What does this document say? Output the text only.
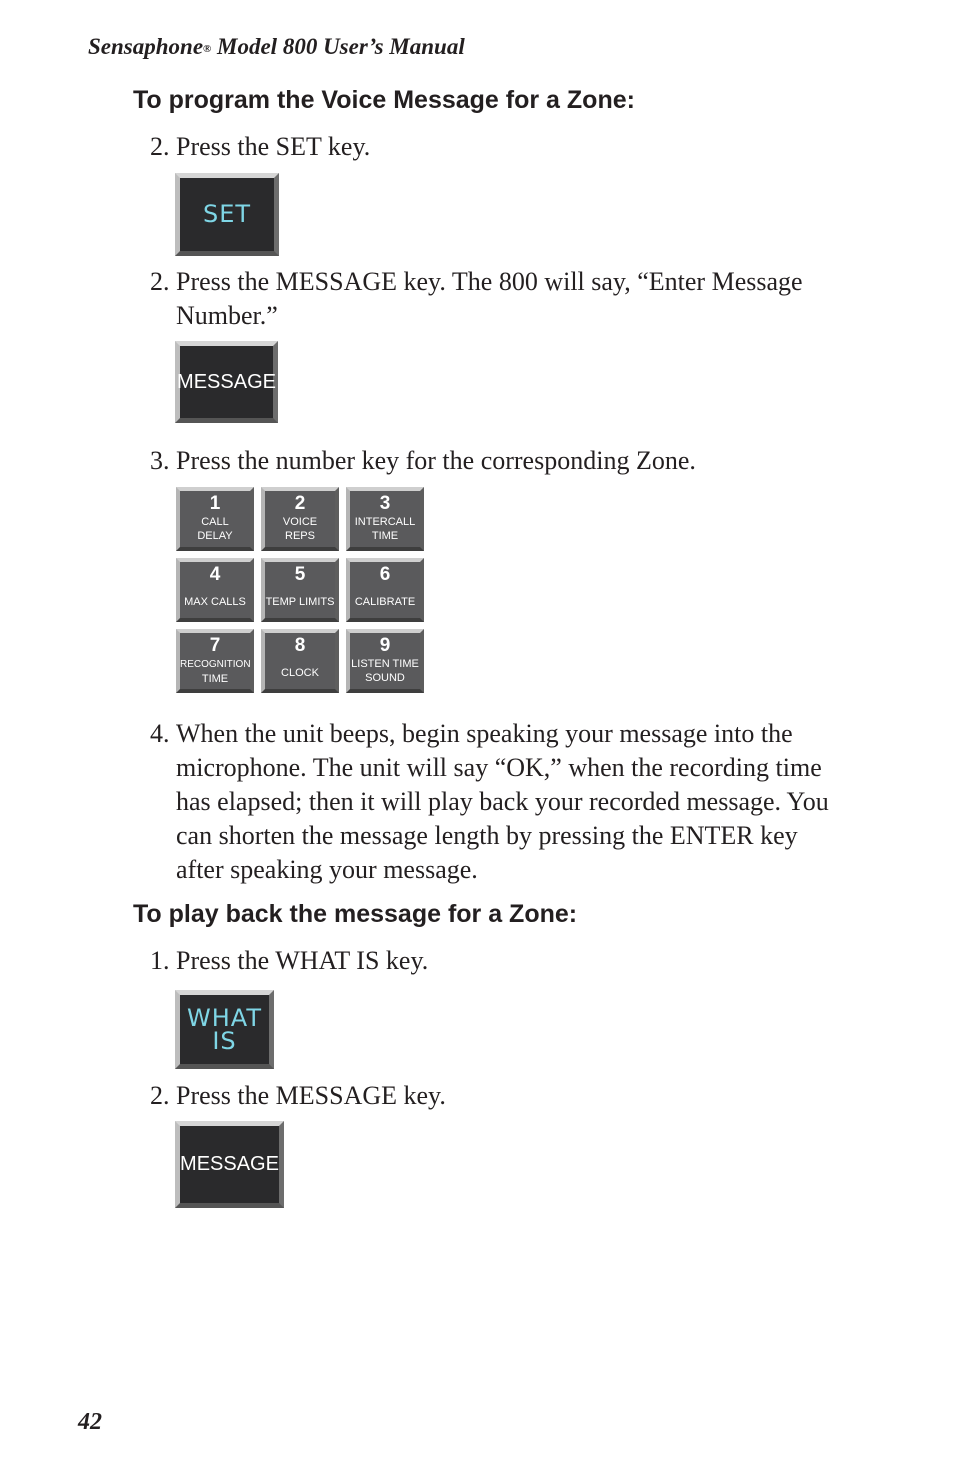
Sensaphone® Model 800 User’s Manual
To program the Voice Message for a Zone:
2. Press the SET key.
SET
2. Press the MESSAGE key. The 800 will say, “Enter Message Number.”
MESSAGE
3. Press the number key for the corresponding Zone.
1
CALL
DELAY
2
VOICE
REPS
3
INTERCALL
TIME
4
MAX CALLS
5
TEMP LIMITS
6
CALIBRATE
7
RECOGNITION
TIME
8
CLOCK
9
LISTEN TIME
SOUND
4. When the unit beeps, begin speaking your message into the microphone. The unit will say “OK,” when the recording time has elapsed; then it will play back your recorded message. You can shorten the message length by pressing the ENTER key after speaking your message.
To play back the message for a Zone:
1. Press the WHAT IS key.
WHAT
IS
2. Press the MESSAGE key.
MESSAGE
42
